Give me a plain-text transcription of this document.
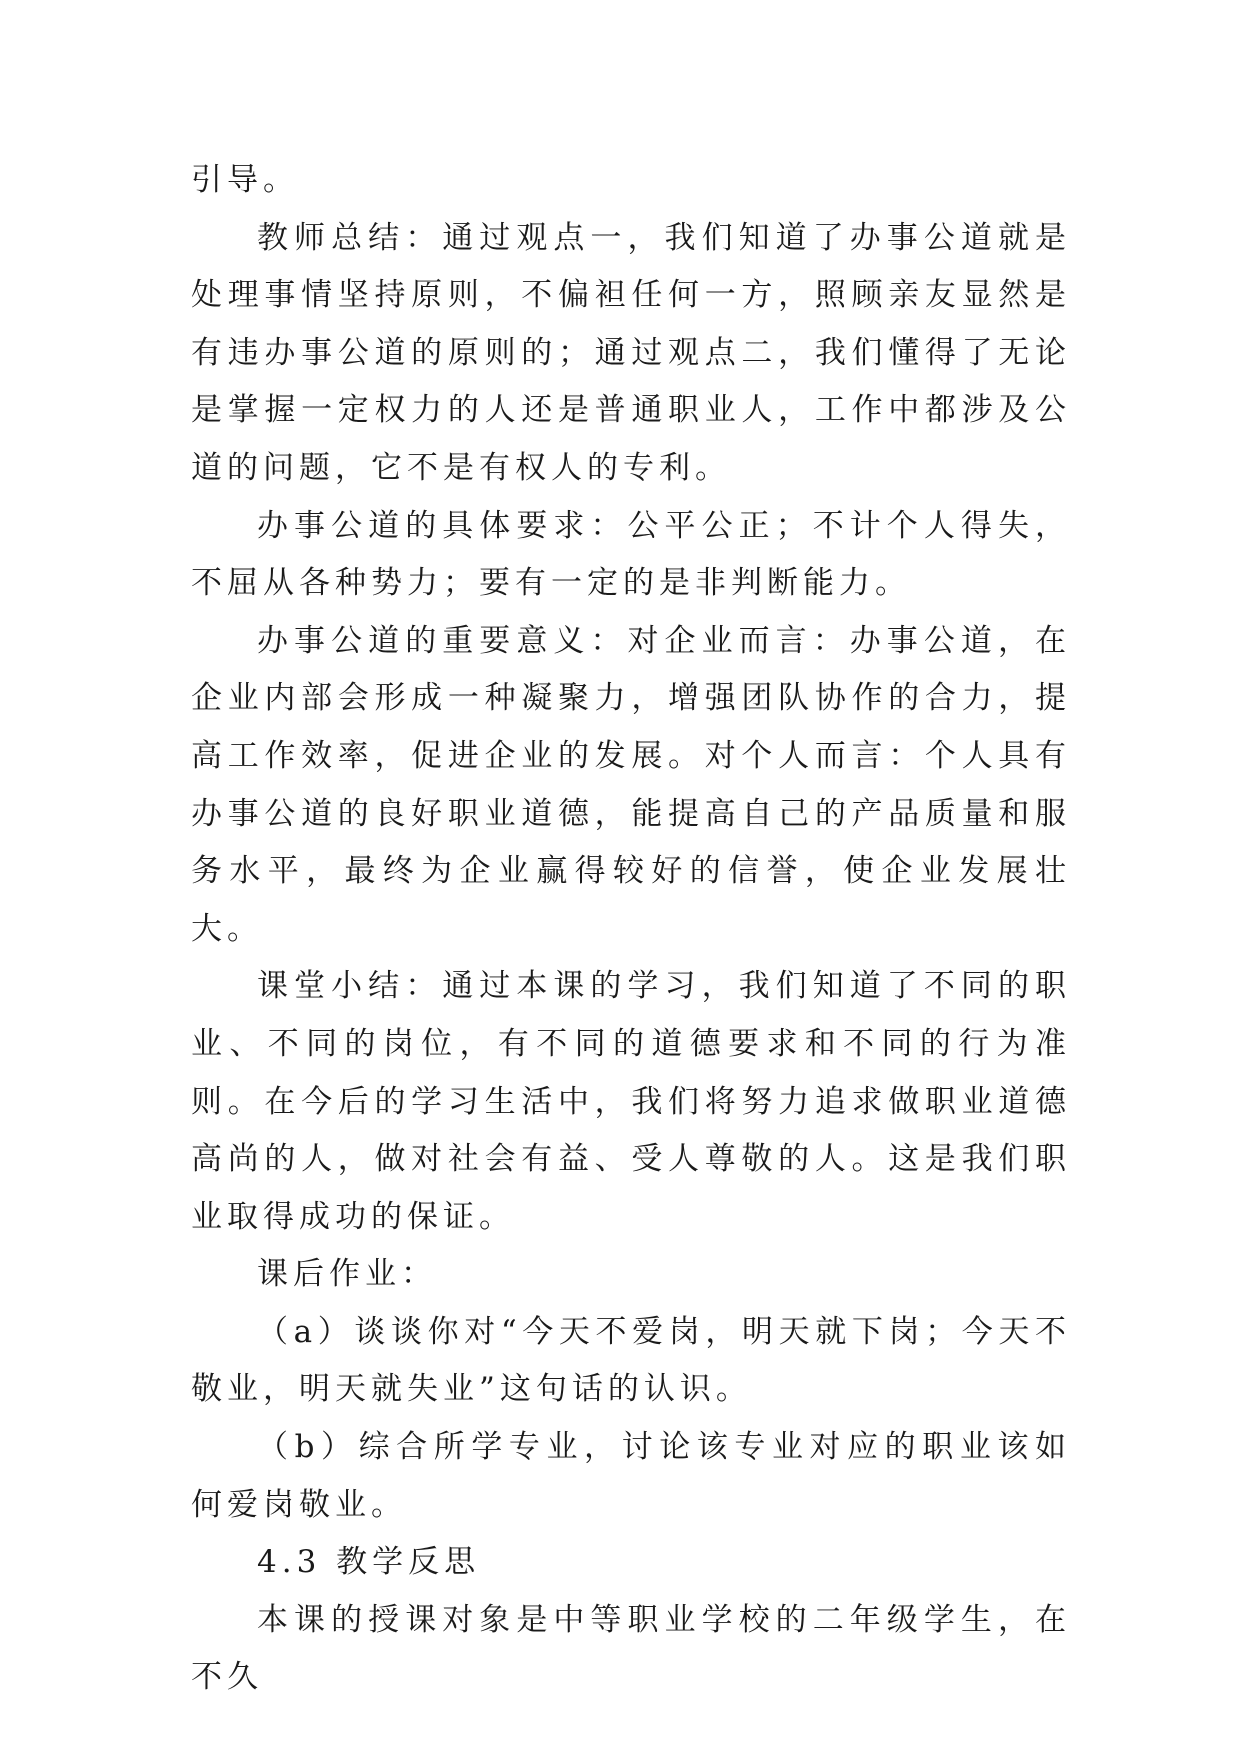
引导。

教师总结：通过观点一，我们知道了办事公道就是处理事情坚持原则，不偏袒任何一方，照顾亲友显然是有违办事公道的原则的；通过观点二，我们懂得了无论是掌握一定权力的人还是普通职业人，工作中都涉及公道的问题，它不是有权人的专利。

办事公道的具体要求：公平公正；不计个人得失，不屈从各种势力；要有一定的是非判断能力。

办事公道的重要意义：对企业而言：办事公道，在企业内部会形成一种凝聚力，增强团队协作的合力，提高工作效率，促进企业的发展。对个人而言：个人具有办事公道的良好职业道德，能提高自己的产品质量和服务水平，最终为企业赢得较好的信誉，使企业发展壮大。

课堂小结：通过本课的学习，我们知道了不同的职业、不同的岗位，有不同的道德要求和不同的行为准则。在今后的学习生活中，我们将努力追求做职业道德高尚的人，做对社会有益、受人尊敬的人。这是我们职业取得成功的保证。

课后作业：

（a）谈谈你对“今天不爱岗，明天就下岗；今天不敬业，明天就失业”这句话的认识。

（b）综合所学专业，讨论该专业对应的职业该如何爱岗敬业。

4.3 教学反思

本课的授课对象是中等职业学校的二年级学生，在不久
